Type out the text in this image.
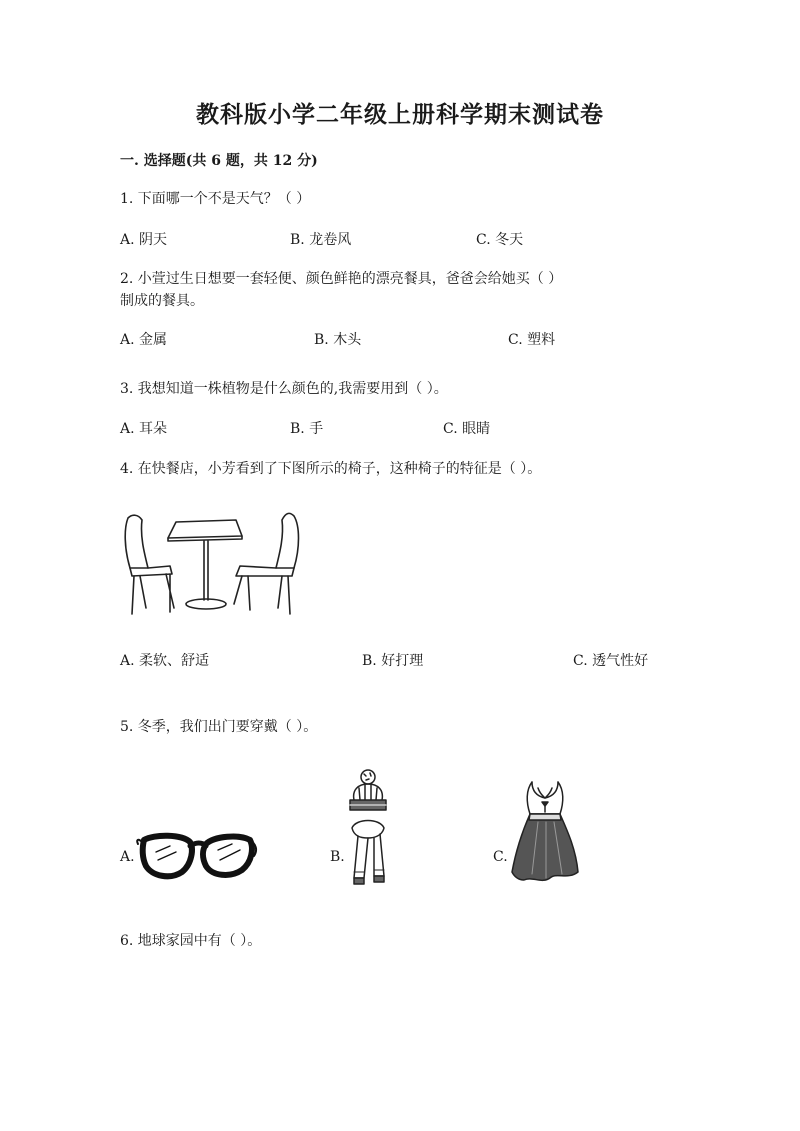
教科版小学二年级上册科学期末测试卷
一. 选择题(共 6 题，共 12 分)
1. 下面哪一个不是天气？（ ）
A. 阴天	B. 龙卷风	C. 冬天
2. 小萱过生日想要一套轻便、颜色鲜艳的漂亮餐具，爸爸会给她买（ ）
制成的餐具。
A. 金属	B. 木头	C. 塑料
3. 我想知道一株植物是什么颜色的,我需要用到（ ）。
A. 耳朵	B. 手	C. 眼睛
4. 在快餐店，小芳看到了下图所示的椅子，这种椅子的特征是（ ）。
A. 柔软、舒适	B. 好打理	C. 透气性好
5. 冬季，我们出门要穿戴（ ）。
A.	B.	C.
6. 地球家园中有（ ）。
